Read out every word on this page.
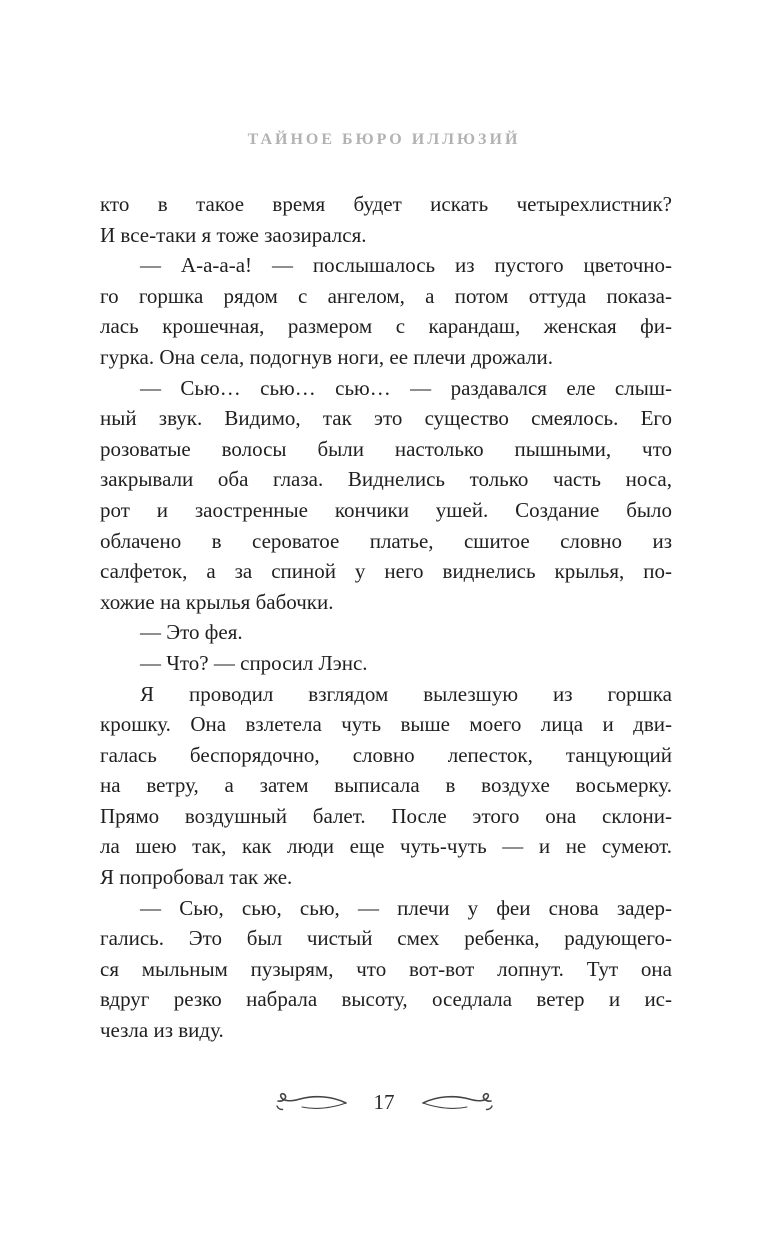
ТАЙНОЕ БЮРО ИЛЛЮЗИЙ
кто в такое время будет искать четырехлистник?
И все-таки я тоже заозирался.
— А-а-а-а! — послышалось из пустого цветочно-
го горшка рядом с ангелом, а потом оттуда показа-
лась крошечная, размером с карандаш, женская фи-
гурка. Она села, подогнув ноги, ее плечи дрожали.
— Сью… сью… сью… — раздавался еле слыш-
ный звук. Видимо, так это существо смеялось. Его
розоватые волосы были настолько пышными, что
закрывали оба глаза. Виднелись только часть носа,
рот и заостренные кончики ушей. Создание было
облачено в сероватое платье, сшитое словно из
салфеток, а за спиной у него виднелись крылья, по-
хожие на крылья бабочки.
— Это фея.
— Что? — спросил Лэнс.
Я проводил взглядом вылезшую из горшка
крошку. Она взлетела чуть выше моего лица и дви-
галась беспорядочно, словно лепесток, танцующий
на ветру, а затем выписала в воздухе восьмерку.
Прямо воздушный балет. После этого она склони-
ла шею так, как люди еще чуть-чуть — и не сумеют.
Я попробовал так же.
— Сью, сью, сью, — плечи у феи снова задер-
гались. Это был чистый смех ребенка, радующего-
ся мыльным пузырям, что вот-вот лопнут. Тут она
вдруг резко набрала высоту, оседлала ветер и ис-
чезла из виду.
17
